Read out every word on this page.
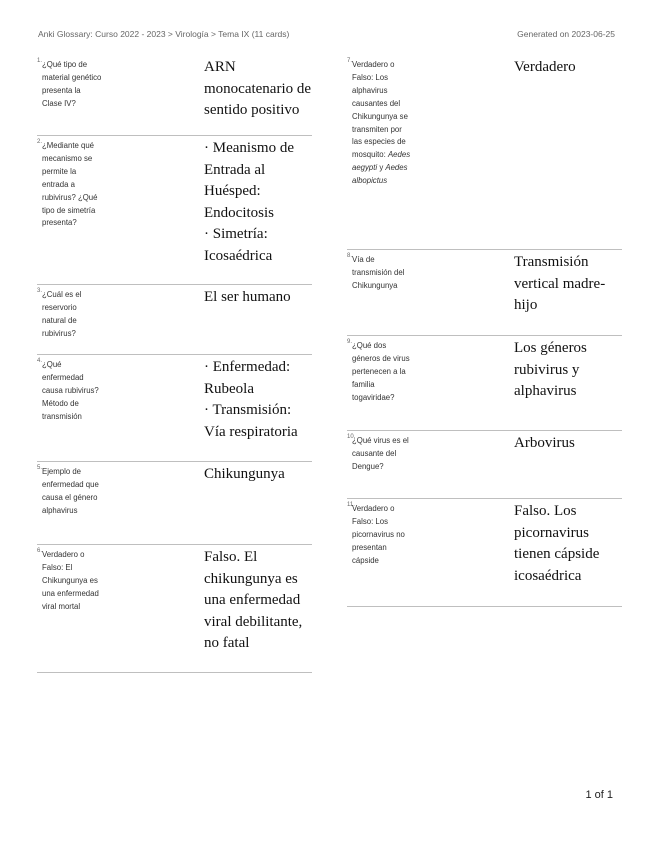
Anki Glossary: Curso 2022 - 2023 > Virología > Tema IX (11 cards)	Generated on 2023-06-25
1. ¿Qué tipo de material genético presenta la Clase IV?
ARN monocatenario de sentido positivo
2. ¿Mediante qué mecanismo se permite la entrada a rubivirus? ¿Qué tipo de simetría presenta?
· Meanismo de Entrada al Huésped: Endocitosis
· Simetría: Icosaédrica
3. ¿Cuál es el reservorio natural de rubivirus?
El ser humano
4. ¿Qué enfermedad causa rubivirus? Método de transmisión
· Enfermedad: Rubeola
· Transmisión: Vía respiratoria
5. Ejemplo de enfermedad que causa el género alphavirus
Chikungunya
6. Verdadero o Falso: El Chikungunya es una enfermedad viral mortal
Falso. El chikungunya es una enfermedad viral debilitante, no fatal
7. Verdadero o Falso: Los alphavirus causantes del Chikungunya se transmiten por las especies de mosquito: Aedes aegypti y Aedes albopictus
Verdadero
8. Vía de transmisión del Chikungunya
Transmisión vertical madre-hijo
9. ¿Qué dos géneros de virus pertenecen a la familia togaviridae?
Los géneros rubivirus y alphavirus
10.
¿Qué virus es el causante del Dengue?
Arbovirus
11.
Verdadero o Falso: Los picornavirus no presentan cápside
Falso. Los picornavirus tienen cápside icosaédrica
1 of 1
